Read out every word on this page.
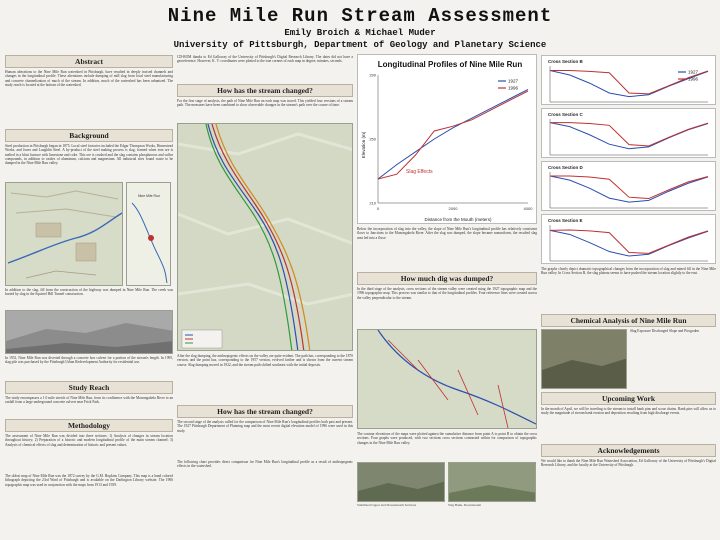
Nine Mile Run Stream Assessment
Emily Broich & Michael Muder
University of Pittsburgh, Department of Geology and Planetary Science
Abstract
Human alterations to the Nine Mile Run watershed in Pittsburgh, have resulted in deeply incised channels and changes in the longitudinal profile. These alterations include dumping of mill slag from local steel manufacturing and concrete channelization of much of the stream. In addition, much of the watershed has been urbanized. The study reach is located at the bottom of the watershed.
Background
Steel production in Pittsburgh began in 1875. Local steel factories included the Edgar Thompson Works, Homestead Works, and Jones and Laughlin Steel. A by-product of the steel making process is slag, formed when iron ore is melted in a blast furnace with limestone and coke. This ore is crushed and the slag contains phosphorous and sulfur compounds, in addition to oxides of aluminum, calcium and magnesium. All industrial sites found waste to be dumped in the Nine Mile Run valley.
Nine Mile Run
In addition to the slag, fill from the construction of the highway was dumped in Nine Mile Run. The creek was buried by slag in the Squirrel Hill Tunnel construction.
In 1931, Nine Mile Run was diverted through a concrete box culvert for a portion of the stream's length. In 1995, slag pile was purchased by the Pittsburgh Urban Redevelopment Authority for residential use.
Study Reach
The study encompasses a 1.0 mile stretch of Nine Mile Run, from its confluence with the Monongahela River to an outfall from a large underground concrete culvert near Frick Park.
Methodology
The assessment of Nine Mile Run was divided into three sections: 1) Analysis of changes in stream location throughout history; 2) Preparation of a historic and modern longitudinal profile of the main stream channel; 3) Analysis of chemical effects of slag and determination of historic and present values.
The oldest map of Nine Mile Run was the 1872 survey by the G.M. Hopkins Company. This map is a hand colored lithograph depicting the 23rd Ward of Pittsburgh and is available on the Darlington Library website. The 1906 topographic map was used in conjunction with the maps from 1913 and 1939.
CD-ROM thanks to Ed Galloway of the University of Pittsburgh's Digital Research Library. The dates did not have a georeference. However, K. V. coordinates were plotted to the true corners of each map in degree, minutes, seconds.
How has the stream changed?
For the first stage of analysis, the path of Nine Mile Run on each map was traced. This yielded four versions of a stream path. The measures have been combined to show observable changes in the stream's path over the course of time.
After the slag dumping, the anthropogenic effects on the valley are quite evident. The path has, corresponding to the 1870 version, and the point has, corresponding to the 1957 version, evolved farther and is shown from the current stream course. Slag dumping moved in 1922, and the stream path shifted southeast with the initial deposits.
How has the stream changed?
The second stage of the analysis called for the comparison of Nine Mile Run's longitudinal profiles both past and present. The 1927 Pittsburgh Department of Planning map and the most recent digital elevation model of 1996 were used in this study.
The following chart provides direct comparison for Nine Mile Run's longitudinal profile as a result of anthropogenic effects in the watershed.
Longitudinal Profiles of Nine Mile Run
Distance from the Mouth (meters)
Elevation (m)
1927
1996
210
250
290
0	2000	4000
Slag Effects
Below the incorporation of slag into the valley, the slope of Nine Mile Run's longitudinal profile has relatively consistent flows to Junctions to the Monongahela River. After the slag was dumped, the slope became nonuniform, the resulted slag area led into a fluxe.
How much dig was dumped?
In the third stage of the analysis, cross sections of the stream valley were created using the 1927 topographic map and the 1996 topographic map. This process was similar to that of the longitudinal profiles. Four reference lines were created across the valley perpendicular to the stream.
The contour elevations of the maps were plotted against the cumulative distance from point A to point B to obtain the cross sections. Four graphs were produced, with two sections cross sections contrasted within for comparison of topographic changes in the Nine Mile Run valley.
Stabilized Upper and Downstream Sections	Slag Bank, Downstream
Cross Section B
1927
1996
Cross Section C
Cross Section D
Cross Section E
The graphs clearly depict dramatic topographical changes from the incorporation of slag and mined fill in the Nine Mile Run valley. In Cross Section B, the slag plateau seems to have pushed the stream location slightly to the east.
Chemical Analysis of Nine Mile Run
Slag Exposure Discharged Slope and Pirogoden
Upcoming Work
In the month of April, we will be traveling to the stream to install bank pins and scour chains. Bank pins will allow us to study the magnitude of stream bank erosion and deposition resulting from high discharge events.
Acknowledgements
We would like to thank the Nine Mile Run Watershed Association, Ed Galloway of the University of Pittsburgh's Digital Research Library, and the faculty at the University of Pittsburgh.
